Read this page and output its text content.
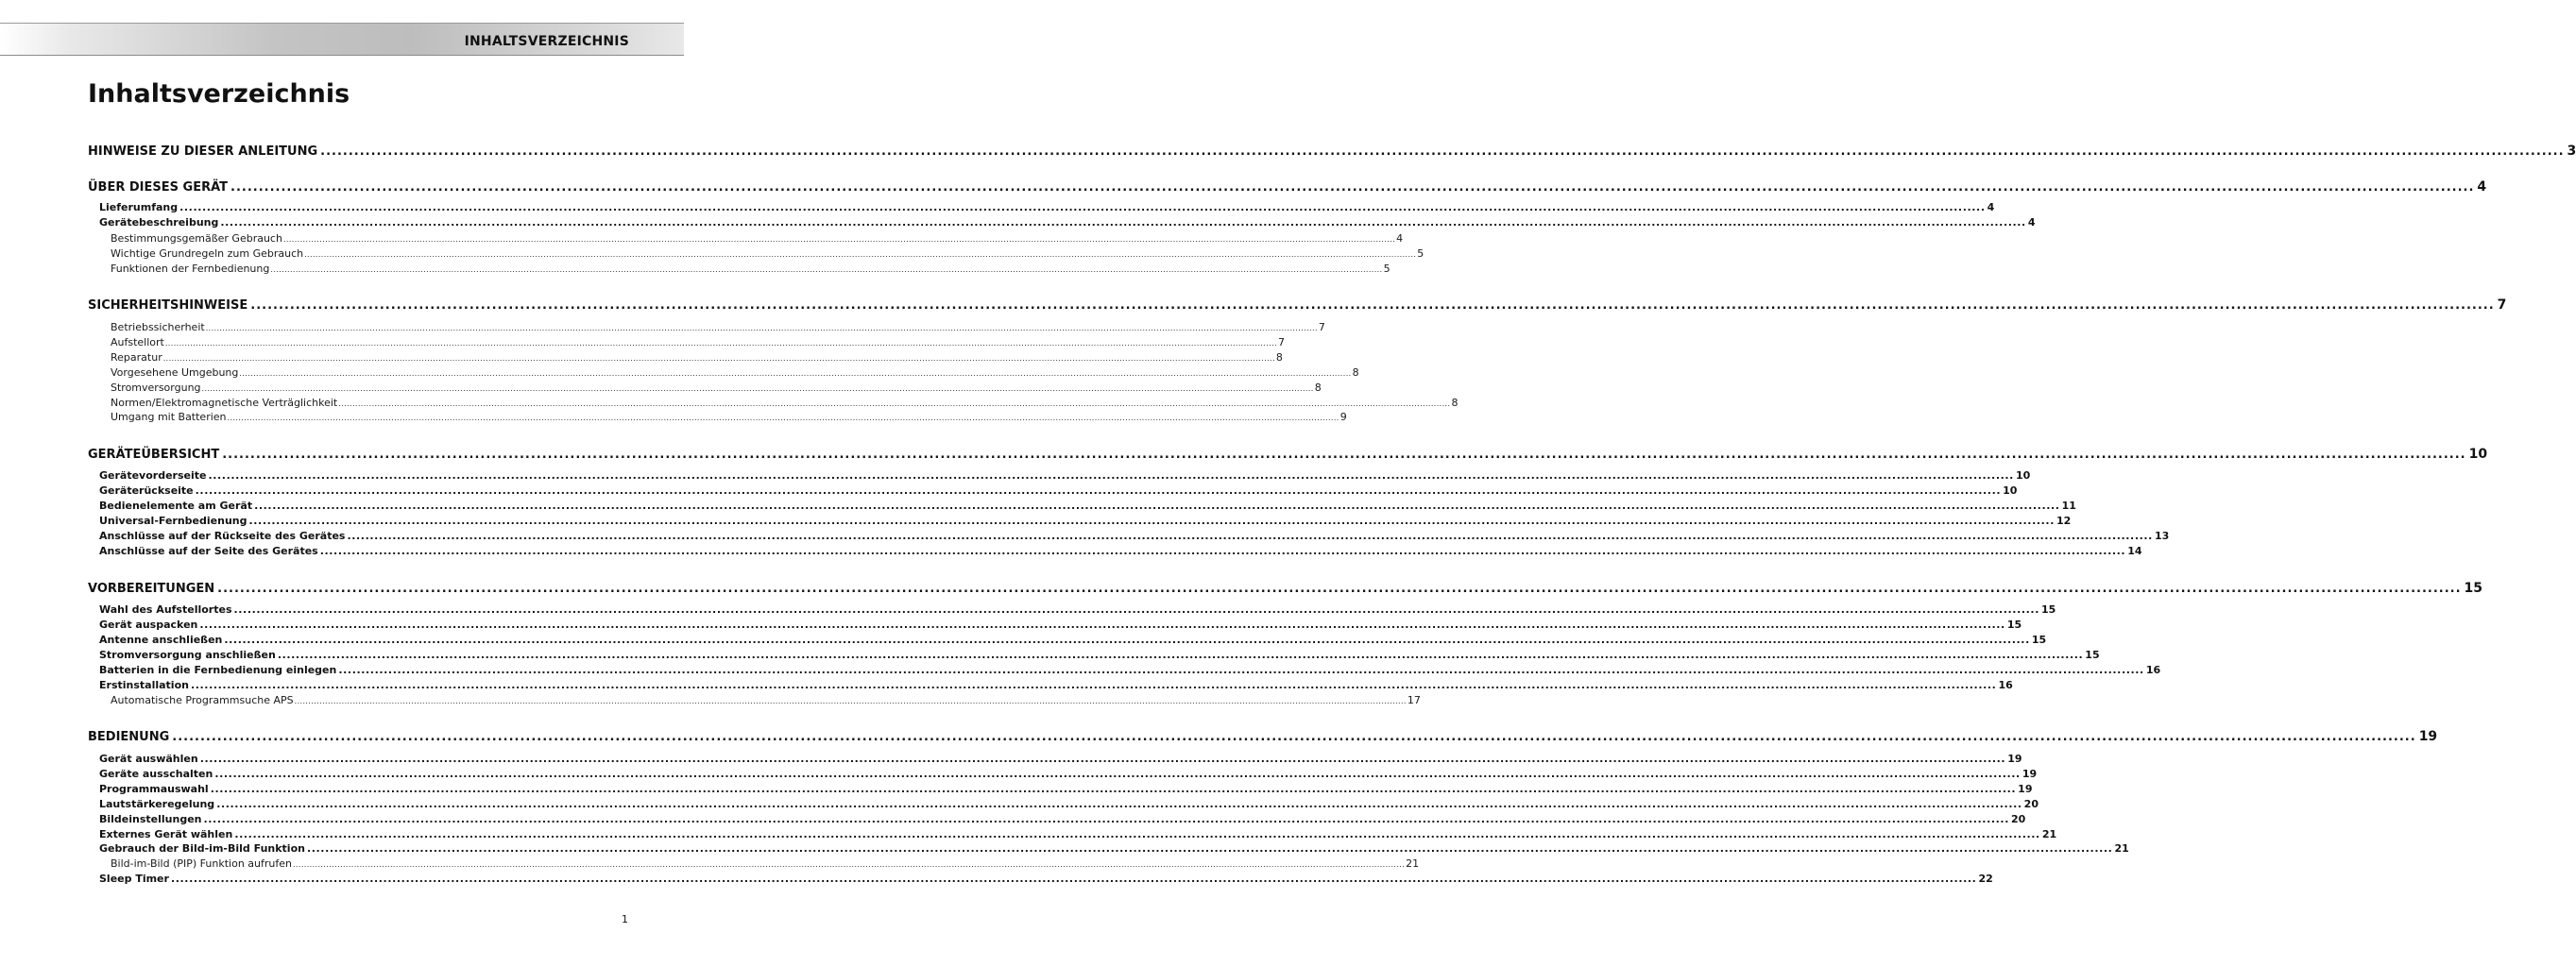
INHALTSVERZEICHNIS
Inhaltsverzeichnis
HINWEISE ZU DIESER ANLEITUNG ................................................................................................................................................................................................................................................................................................................................................................................................................ 3
ÜBER DIESES GERÄT ................................................................................................................................................................................................................................................................................................................................................................................................................ 4
Lieferumfang ................................................................................................................................................................................................................................................................................................................................................................................................................ 4
Gerätebeschreibung ................................................................................................................................................................................................................................................................................................................................................................................................................ 4
Bestimmungsgemäßer Gebrauch ................................................................................................................................................................................................................................................................................................................................................................................................................ 4
Wichtige Grundregeln zum Gebrauch ................................................................................................................................................................................................................................................................................................................................................................................................................ 5
Funktionen der Fernbedienung ................................................................................................................................................................................................................................................................................................................................................................................................................ 5
SICHERHEITSHINWEISE ................................................................................................................................................................................................................................................................................................................................................................................................................ 7
Betriebssicherheit ................................................................................................................................................................................................................................................................................................................................................................................................................ 7
Aufstellort ................................................................................................................................................................................................................................................................................................................................................................................................................ 7
Reparatur ................................................................................................................................................................................................................................................................................................................................................................................................................ 8
Vorgesehene Umgebung ................................................................................................................................................................................................................................................................................................................................................................................................................ 8
Stromversorgung ................................................................................................................................................................................................................................................................................................................................................................................................................ 8
Normen/Elektromagnetische Verträglichkeit ................................................................................................................................................................................................................................................................................................................................................................................................................ 8
Umgang mit Batterien ................................................................................................................................................................................................................................................................................................................................................................................................................ 9
GERÄTEÜBERSICHT ................................................................................................................................................................................................................................................................................................................................................................................................................ 10
Gerätevorderseite ................................................................................................................................................................................................................................................................................................................................................................................................................ 10
Geräterückseite ................................................................................................................................................................................................................................................................................................................................................................................................................ 10
Bedienelemente am Gerät ................................................................................................................................................................................................................................................................................................................................................................................................................ 11
Universal-Fernbedienung ................................................................................................................................................................................................................................................................................................................................................................................................................ 12
Anschlüsse auf der Rückseite des Gerätes ................................................................................................................................................................................................................................................................................................................................................................................................................ 13
Anschlüsse auf der Seite des Gerätes ................................................................................................................................................................................................................................................................................................................................................................................................................ 14
VORBEREITUNGEN ................................................................................................................................................................................................................................................................................................................................................................................................................ 15
Wahl des Aufstellortes ................................................................................................................................................................................................................................................................................................................................................................................................................ 15
Gerät auspacken ................................................................................................................................................................................................................................................................................................................................................................................................................ 15
Antenne anschließen ................................................................................................................................................................................................................................................................................................................................................................................................................ 15
Stromversorgung anschließen ................................................................................................................................................................................................................................................................................................................................................................................................................ 15
Batterien in die Fernbedienung einlegen ................................................................................................................................................................................................................................................................................................................................................................................................................ 16
Erstinstallation ................................................................................................................................................................................................................................................................................................................................................................................................................ 16
Automatische Programmsuche APS ................................................................................................................................................................................................................................................................................................................................................................................................................ 17
BEDIENUNG ................................................................................................................................................................................................................................................................................................................................................................................................................ 19
Gerät auswählen ................................................................................................................................................................................................................................................................................................................................................................................................................ 19
Geräte ausschalten ................................................................................................................................................................................................................................................................................................................................................................................................................ 19
Programmauswahl ................................................................................................................................................................................................................................................................................................................................................................................................................ 19
Lautstärkeregelung ................................................................................................................................................................................................................................................................................................................................................................................................................ 20
Bildeinstellungen ................................................................................................................................................................................................................................................................................................................................................................................................................ 20
Externes Gerät wählen ................................................................................................................................................................................................................................................................................................................................................................................................................ 21
Gebrauch der Bild-im-Bild Funktion ................................................................................................................................................................................................................................................................................................................................................................................................................ 21
Bild-im-Bild (PIP) Funktion aufrufen ................................................................................................................................................................................................................................................................................................................................................................................................................ 21
Sleep Timer ................................................................................................................................................................................................................................................................................................................................................................................................................ 22
1
